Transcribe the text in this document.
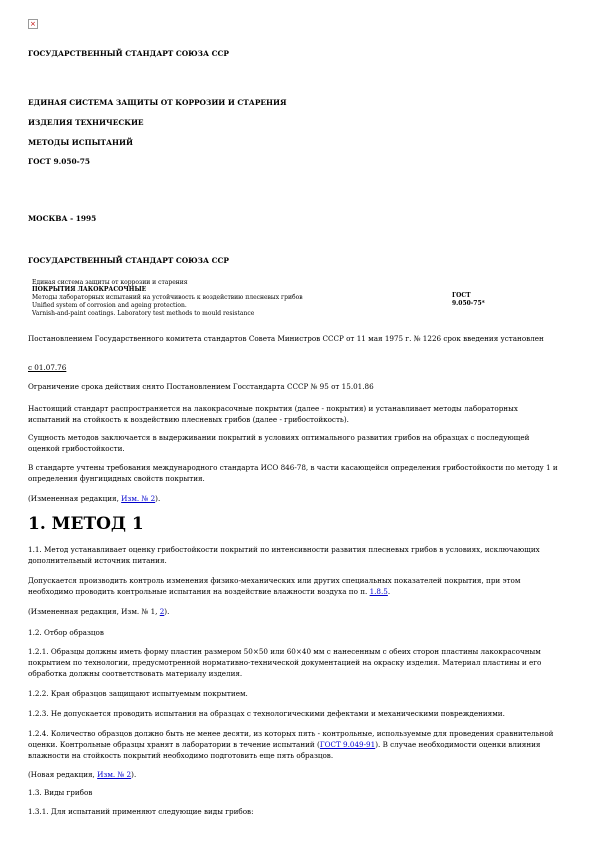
×
ГОСУДАРСТВЕННЫЙ СТАНДАРТ СОЮЗА ССР
ЕДИНАЯ СИСТЕМА ЗАЩИТЫ ОТ КОРРОЗИИ И СТАРЕНИЯ
ИЗДЕЛИЯ ТЕХНИЧЕСКИЕ
МЕТОДЫ ИСПЫТАНИЙ
ГОСТ 9.050-75
МОСКВА - 1995
ГОСУДАРСТВЕННЫЙ СТАНДАРТ СОЮЗА ССР
Единая система защиты от коррозии и старения
ПОКРЫТИЯ ЛАКОКРАСОЧНЫЕ
Методы лабораторных испытаний на устойчивость к воздействию плесневых грибов
Unified system of corrosion and ageing protection.
Varnish-and-paint coatings. Laboratory test methods to mould resistance
ГОСТ
9.050-75*
Постановлением Государственного комитета стандартов Совета Министров СССР от 11 мая 1975 г. № 1226 срок введения установлен
с 01.07.76
Ограничение срока действия снято Постановлением Госстандарта СССР № 95 от 15.01.86
Настоящий стандарт распространяется на лакокрасочные покрытия (далее - покрытия) и устанавливает методы лабораторных испытаний на стойкость к воздействию плесневых грибов (далее - грибостойкость).
Сущность методов заключается в выдерживании покрытий в условиях оптимального развития грибов на образцах с последующей оценкой грибостойкости.
В стандарте учтены требования международного стандарта ИСО 846-78, в части касающейся определения грибостойкости по методу 1 и определения фунгицидных свойств покрытия.
(Измененная редакция, Изм. № 2).
1. МЕТОД 1
1.1. Метод устанавливает оценку грибостойкости покрытий по интенсивности развития плесневых грибов в условиях, исключающих дополнительный источник питания.
Допускается производить контроль изменения физико-механических или других специальных показателей покрытия, при этом необходимо проводить контрольные испытания на воздействие влажности воздуха по п. 1.8.5.
(Измененная редакция, Изм. № 1, 2).
1.2. Отбор образцов
1.2.1. Образцы должны иметь форму пластин размером 50×50 или 60×40 мм с нанесенным с обеих сторон пластины лакокрасочным покрытием по технологии, предусмотренной нормативно-технической документацией на окраску изделия. Материал пластины и его обработка должны соответствовать материалу изделия.
1.2.2. Края образцов защищают испытуемым покрытием.
1.2.3. Не допускается проводить испытания на образцах с технологическими дефектами и механическими повреждениями.
1.2.4. Количество образцов должно быть не менее десяти, из которых пять - контрольные, используемые для проведения сравнительной оценки. Контрольные образцы хранят в лаборатории в течение испытаний (ГОСТ 9.049-91). В случае необходимости оценки влияния влажности на стойкость покрытий необходимо подготовить еще пять образцов.
(Новая редакция, Изм. № 2).
1.3. Виды грибов
1.3.1. Для испытаний применяют следующие виды грибов:
